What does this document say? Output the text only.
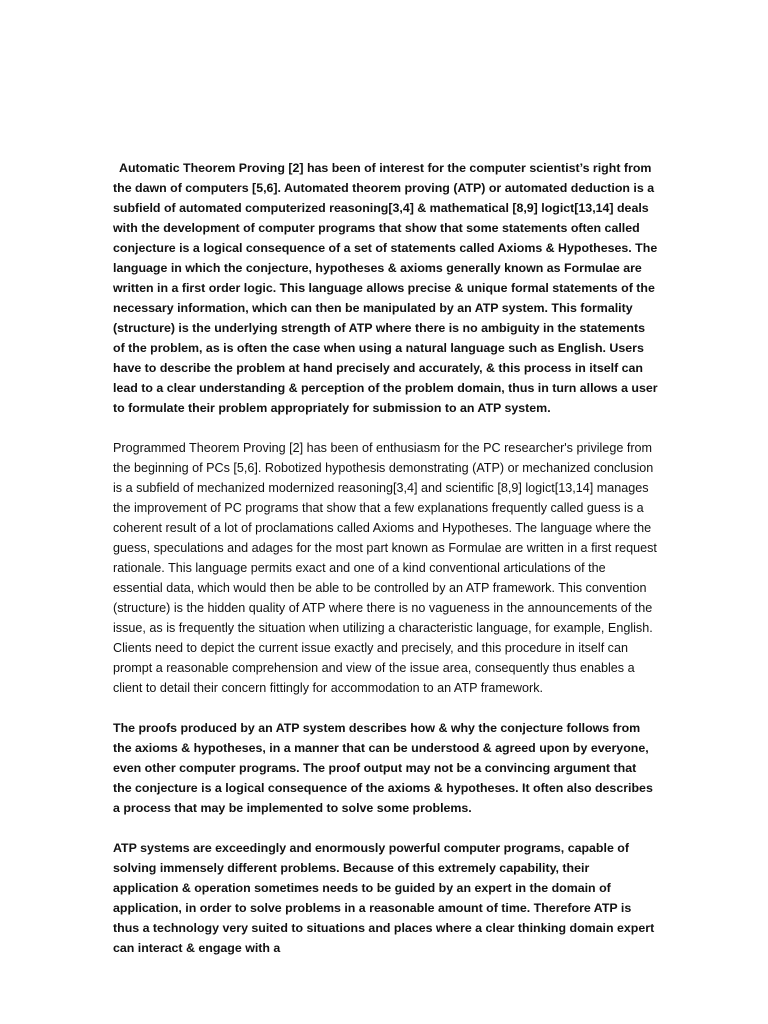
Automatic Theorem Proving [2] has been of interest for the computer scientist’s right from the dawn of computers [5,6]. Automated theorem proving (ATP) or automated deduction is a subfield of automated computerized reasoning[3,4] & mathematical [8,9] logict[13,14] deals with the development of computer programs that show that some statements often called conjecture is a logical consequence of a set of statements called Axioms & Hypotheses. The language in which the conjecture, hypotheses & axioms generally known as Formulae are written in a first order logic. This language allows precise & unique formal statements of the necessary information, which can then be manipulated by an ATP system. This formality (structure) is the underlying strength of ATP where there is no ambiguity in the statements of the problem, as is often the case when using a natural language such as English. Users have to describe the problem at hand precisely and accurately, & this process in itself can lead to a clear understanding & perception of the problem domain, thus in turn allows a user to formulate their problem appropriately for submission to an ATP system.

Programmed Theorem Proving [2] has been of enthusiasm for the PC researcher's privilege from the beginning of PCs [5,6]. Robotized hypothesis demonstrating (ATP) or mechanized conclusion is a subfield of mechanized modernized reasoning[3,4] and scientific [8,9] logict[13,14] manages the improvement of PC programs that show that a few explanations frequently called guess is a coherent result of a lot of proclamations called Axioms and Hypotheses. The language where the guess, speculations and adages for the most part known as Formulae are written in a first request rationale. This language permits exact and one of a kind conventional articulations of the essential data, which would then be able to be controlled by an ATP framework. This convention (structure) is the hidden quality of ATP where there is no vagueness in the announcements of the issue, as is frequently the situation when utilizing a characteristic language, for example, English. Clients need to depict the current issue exactly and precisely, and this procedure in itself can prompt a reasonable comprehension and view of the issue area, consequently thus enables a client to detail their concern fittingly for accommodation to an ATP framework.

The proofs produced by an ATP system describes how & why the conjecture follows from the axioms & hypotheses, in a manner that can be understood & agreed upon by everyone, even other computer programs. The proof output may not be a convincing argument that the conjecture is a logical consequence of the axioms & hypotheses. It often also describes a process that may be implemented to solve some problems.

ATP systems are exceedingly and enormously powerful computer programs, capable of solving immensely different problems. Because of this extremely capability, their application & operation sometimes needs to be guided by an expert in the domain of application, in order to solve problems in a reasonable amount of time. Therefore ATP is thus a technology very suited to situations and places where a clear thinking domain expert can interact & engage with a
